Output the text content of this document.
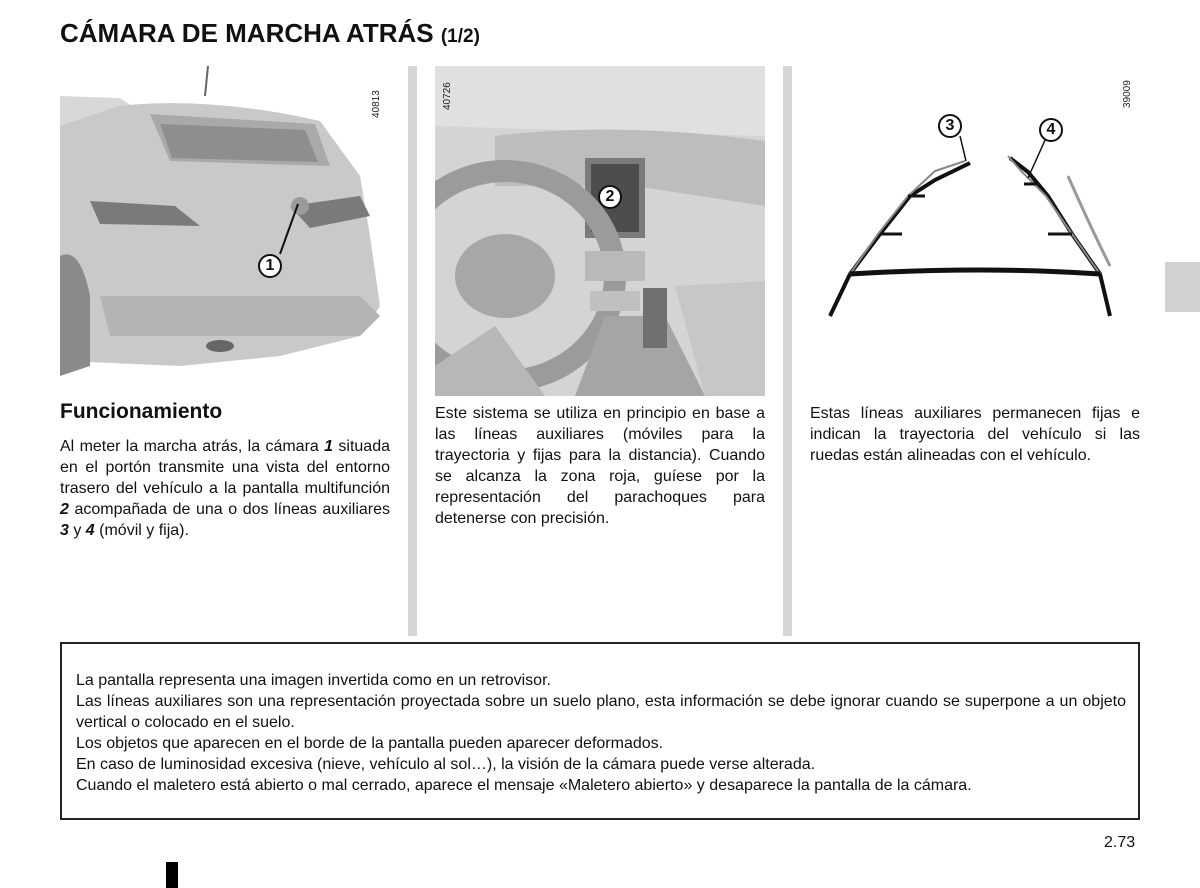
CÁMARA DE MARCHA ATRÁS (1/2)
1
40813
2
40726
3	4
39009
Funcionamiento

Al meter la marcha atrás, la cámara 1 situada en el portón transmite una vista del entorno trasero del vehículo a la pantalla multifunción 2 acompañada de una o dos líneas auxiliares 3 y 4 (móvil y fija).

Este sistema se utiliza en principio en base a las líneas auxiliares (móviles para la trayectoria y fijas para la distancia). Cuando se alcanza la zona roja, guíese por la representación del parachoques para detenerse con precisión.

Estas líneas auxiliares permanecen fijas e indican la trayectoria del vehículo si las ruedas están alineadas con el vehículo.

La pantalla representa una imagen invertida como en un retrovisor.

Las líneas auxiliares son una representación proyectada sobre un suelo plano, esta información se debe ignorar cuando se superpone a un objeto vertical o colocado en el suelo.

Los objetos que aparecen en el borde de la pantalla pueden aparecer deformados.

En caso de luminosidad excesiva (nieve, vehículo al sol…), la visión de la cámara puede verse alterada.

Cuando el maletero está abierto o mal cerrado, aparece el mensaje «Maletero abierto» y desaparece la pantalla de la cámara.

2.73
